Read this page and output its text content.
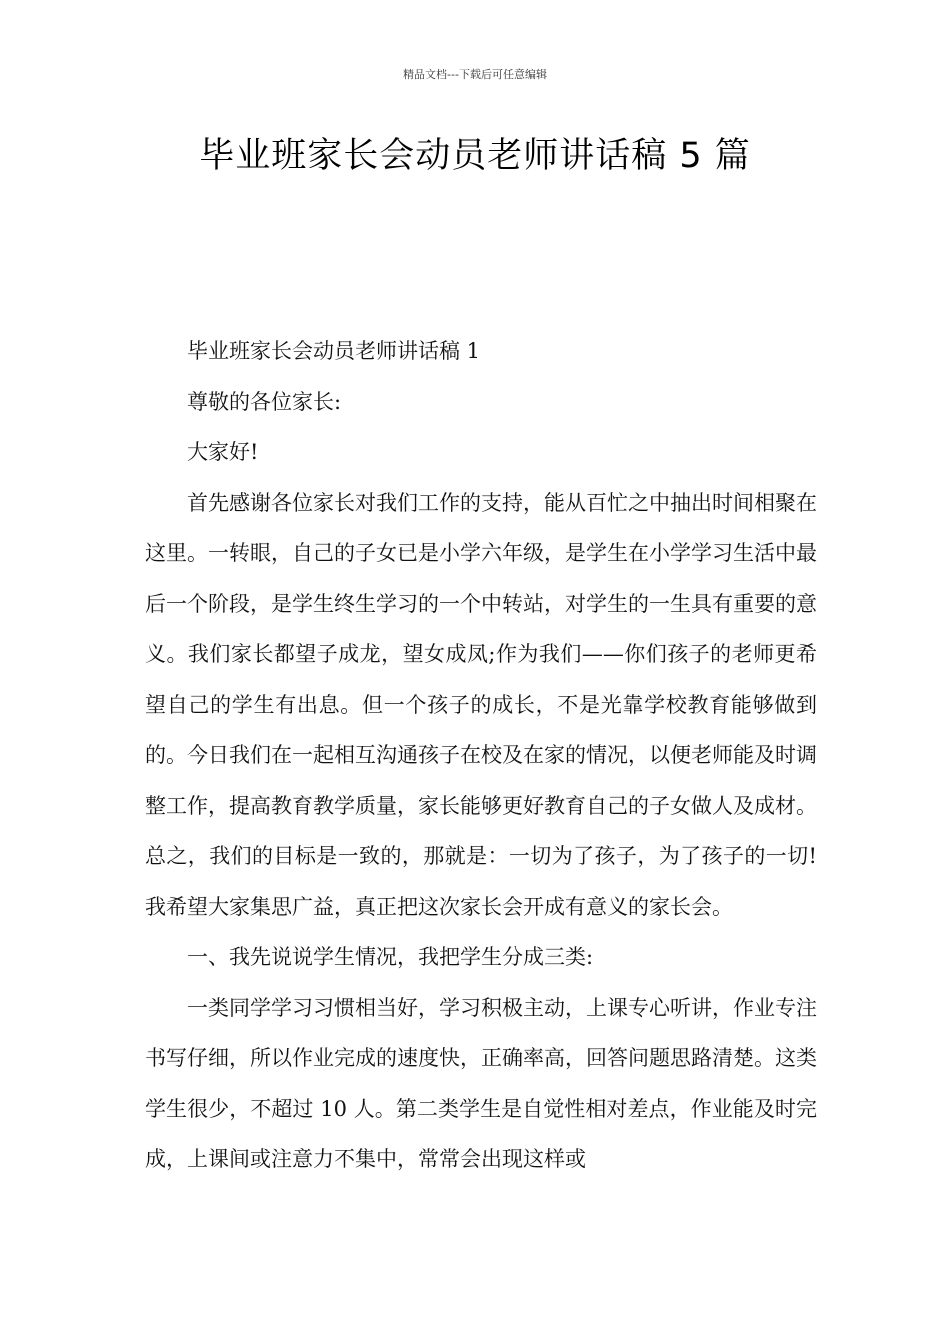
精品文档---下载后可任意编辑
毕业班家长会动员老师讲话稿 5 篇

毕业班家长会动员老师讲话稿 1

尊敬的各位家长:

大家好!

首先感谢各位家长对我们工作的支持，能从百忙之中抽出时间相聚在这里。一转眼，自己的子女已是小学六年级，是学生在小学学习生活中最后一个阶段，是学生终生学习的一个中转站，对学生的一生具有重要的意义。我们家长都望子成龙，望女成凤;作为我们——你们孩子的老师更希望自己的学生有出息。但一个孩子的成长，不是光靠学校教育能够做到的。今日我们在一起相互沟通孩子在校及在家的情况，以便老师能及时调整工作，提高教育教学质量，家长能够更好教育自己的子女做人及成材。总之，我们的目标是一致的，那就是：一切为了孩子，为了孩子的一切!我希望大家集思广益，真正把这次家长会开成有意义的家长会。

一、我先说说学生情况，我把学生分成三类:

一类同学学习习惯相当好，学习积极主动，上课专心听讲，作业专注书写仔细，所以作业完成的速度快，正确率高，回答问题思路清楚。这类学生很少，不超过 10 人。第二类学生是自觉性相对差点，作业能及时完成，上课间或注意力不集中，常常会出现这样或
